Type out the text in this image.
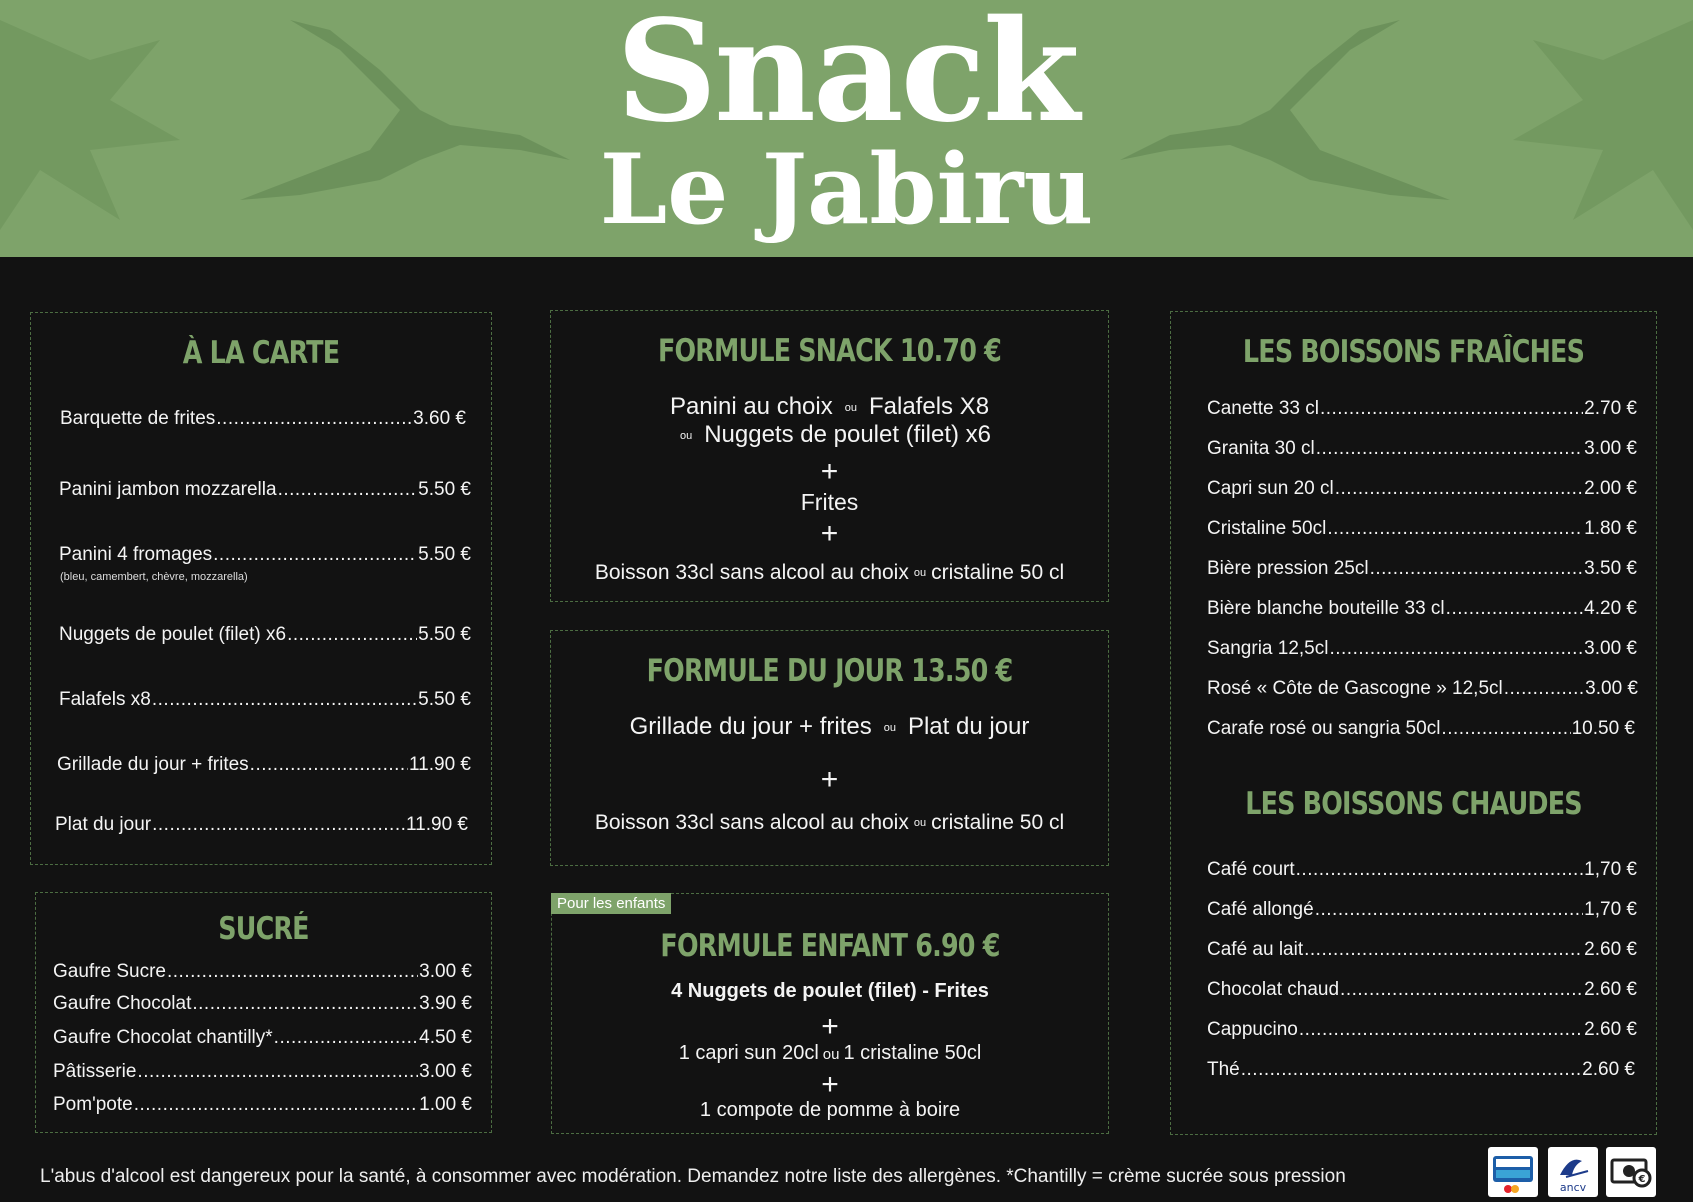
Snack
Le Jabiru
À LA CARTE
Barquette de frites .....	3.60 €
Panini jambon mozzarella .....	5.50 €
Panini 4 fromages .....	5.50 €
(bleu, camembert, chèvre, mozzarella)
Nuggets de poulet (filet) x6 .....	5.50 €
Falafels x8 .....	5.50 €
Grillade du jour + frites .....	11.90 €
Plat du jour .....	11.90 €
SUCRÉ
Gaufre Sucre .....	3.00 €
Gaufre Chocolat .....	3.90 €
Gaufre Chocolat chantilly* .....	4.50 €
Pâtisserie .....	3.00 €
Pom'pote .....	1.00 €
FORMULE SNACK 10.70 €
Panini au choix ou Falafels X8
ou Nuggets de poulet (filet) x6
+
Frites
+
Boisson 33cl sans alcool au choix ou cristaline 50 cl
FORMULE DU JOUR 13.50 €
Grillade du jour + frites ou Plat du jour
+
Boisson 33cl sans alcool au choix ou cristaline 50 cl
FORMULE ENFANT 6.90 €
4 Nuggets de poulet (filet) - Frites
+
1 capri sun 20cl ou 1 cristaline 50cl
+
1 compote de pomme à boire
Pour les enfants
LES BOISSONS FRAÎCHES
Canette 33 cl .....	2.70 €
Granita 30 cl .....	3.00 €
Capri sun 20 cl .....	2.00 €
Cristaline 50cl .....	1.80 €
Bière pression 25cl .....	3.50 €
Bière blanche bouteille 33 cl .....	4.20 €
Sangria 12,5cl .....	3.00 €
Rosé « Côte de Gascogne » 12,5cl .....	3.00 €
Carafe rosé ou sangria 50cl .....	10.50 €
LES BOISSONS CHAUDES
Café court .....	1,70 €
Café allongé .....	1,70 €
Café au lait .....	2.60 €
Chocolat chaud .....	2.60 €
Cappucino .....	2.60 €
Thé .....	2.60 €
L'abus d'alcool est dangereux pour la santé, à consommer avec modération. Demandez notre liste des allergènes. *Chantilly = crème sucrée sous pression
ancv
€
